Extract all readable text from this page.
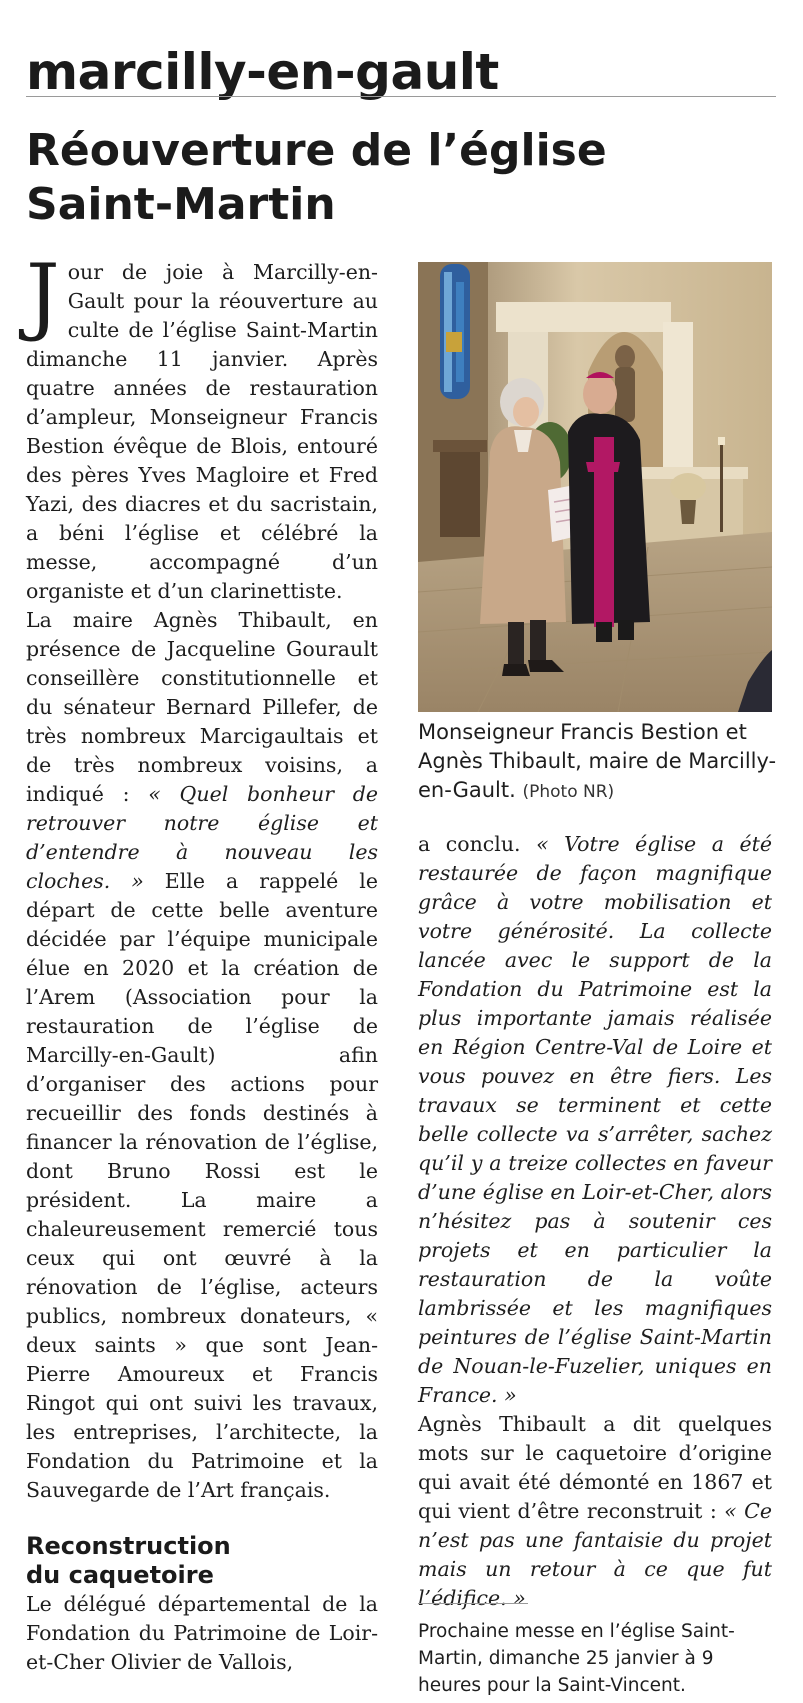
marcilly-en-gault
Réouverture de l’église
Saint-Martin

Jour de joie à Marcilly-en-Gault pour la réouverture au culte de l’église Saint-Martin dimanche 11 janvier. Après quatre années de restauration d’ampleur, Monseigneur Francis Bestion évêque de Blois, entouré des pères Yves Magloire et Fred Yazi, des diacres et du sacristain, a béni l’église et célébré la messe, accompagné d’un organiste et d’un clarinettiste.

La maire Agnès Thibault, en présence de Jacqueline Gourault conseillère constitutionnelle et du sénateur Bernard Pillefer, de très nombreux Marcigaultais et de très nombreux voisins, a indiqué : « Quel bonheur de retrouver notre église et d’entendre à nouveau les cloches. » Elle a rappelé le départ de cette belle aventure décidée par l’équipe municipale élue en 2020 et la création de l’Arem (Association pour la restauration de l’église de Marcilly-en-Gault) afin d’organiser des actions pour recueillir des fonds destinés à financer la rénovation de l’église, dont Bruno Rossi est le président. La maire a chaleureusement remercié tous ceux qui ont œuvré à la rénovation de l’église, acteurs publics, nombreux donateurs, « deux saints » que sont Jean-Pierre Amoureux et Francis Ringot qui ont suivi les travaux, les entreprises, l’architecte, la Fondation du Patrimoine et la Sauvegarde de l’Art français.

Reconstruction
du caquetoire

Le délégué départemental de la Fondation du Patrimoine de Loir-et-Cher Olivier de Vallois,

Monseigneur Francis Bestion et Agnès Thibault, maire de Marcilly-en-Gault. (Photo NR)

a conclu. « Votre église a été restaurée de façon magnifique grâce à votre mobilisation et votre générosité. La collecte lancée avec le support de la Fondation du Patrimoine est la plus importante jamais réalisée en Région Centre-Val de Loire et vous pouvez en être fiers. Les travaux se terminent et cette belle collecte va s’arrêter, sachez qu’il y a treize collectes en faveur d’une église en Loir-et-Cher, alors n’hésitez pas à soutenir ces projets et en particulier la restauration de la voûte lambrissée et les magnifiques peintures de l’église Saint-Martin de Nouan-le-Fuzelier, uniques en France. »

Agnès Thibault a dit quelques mots sur le caquetoire d’origine qui avait été démonté en 1867 et qui vient d’être reconstruit : « Ce n’est pas une fantaisie du projet mais un retour à ce que fut l’édifice. »

Prochaine messe en l’église Saint-Martin, dimanche 25 janvier à 9 heures pour la Saint-Vincent.
